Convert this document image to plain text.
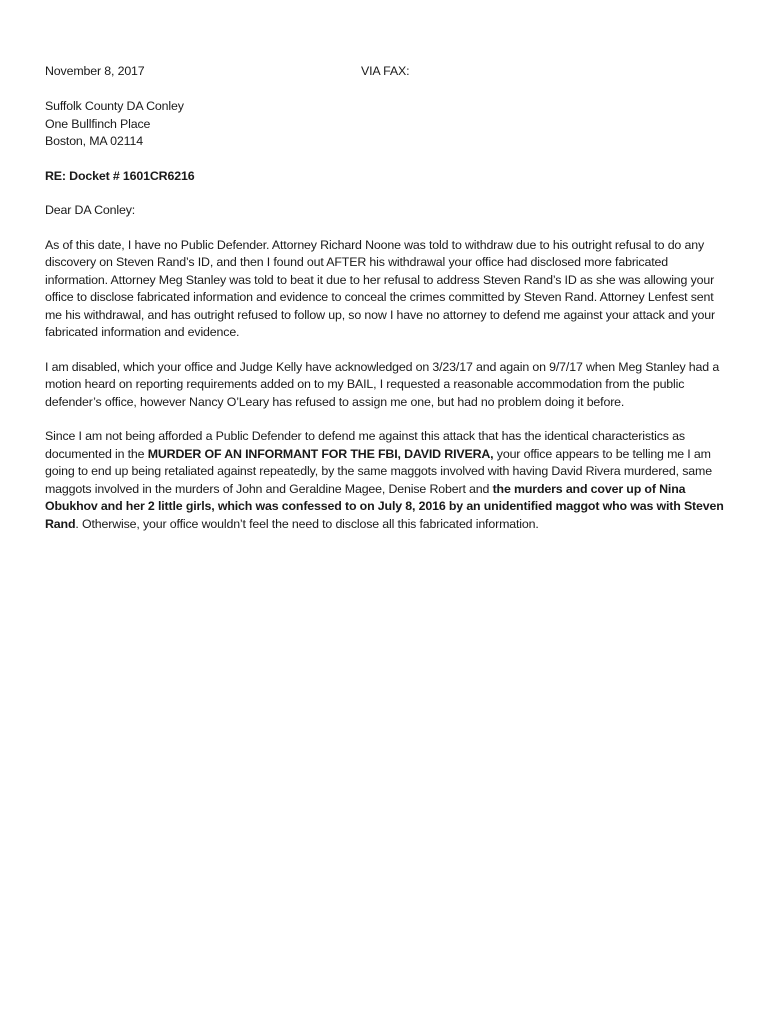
November 8, 2017	VIA FAX:
Suffolk County DA Conley
One Bullfinch Place
Boston, MA 02114
RE: Docket # 1601CR6216
Dear DA Conley:

As of this date, I have no Public Defender. Attorney Richard Noone was told to withdraw due to his outright refusal to do any discovery on Steven Rand’s ID, and then I found out AFTER his withdrawal your office had disclosed more fabricated information. Attorney Meg Stanley was told to beat it due to her refusal to address Steven Rand’s ID as she was allowing your office to disclose fabricated information and evidence to conceal the crimes committed by Steven Rand. Attorney Lenfest sent me his withdrawal, and has outright refused to follow up, so now I have no attorney to defend me against your attack and your fabricated information and evidence.

I am disabled, which your office and Judge Kelly have acknowledged on 3/23/17 and again on 9/7/17 when Meg Stanley had a motion heard on reporting requirements added on to my BAIL, I requested a reasonable accommodation from the public defender’s office, however Nancy O’Leary has refused to assign me one, but had no problem doing it before.

Since I am not being afforded a Public Defender to defend me against this attack that has the identical characteristics as documented in the MURDER OF AN INFORMANT FOR THE FBI, DAVID RIVERA, your office appears to be telling me I am going to end up being retaliated against repeatedly, by the same maggots involved with having David Rivera murdered, same maggots involved in the murders of John and Geraldine Magee, Denise Robert and the murders and cover up of Nina Obukhov and her 2 little girls, which was confessed to on July 8, 2016 by an unidentified maggot who was with Steven Rand. Otherwise, your office wouldn’t feel the need to disclose all this fabricated information.
